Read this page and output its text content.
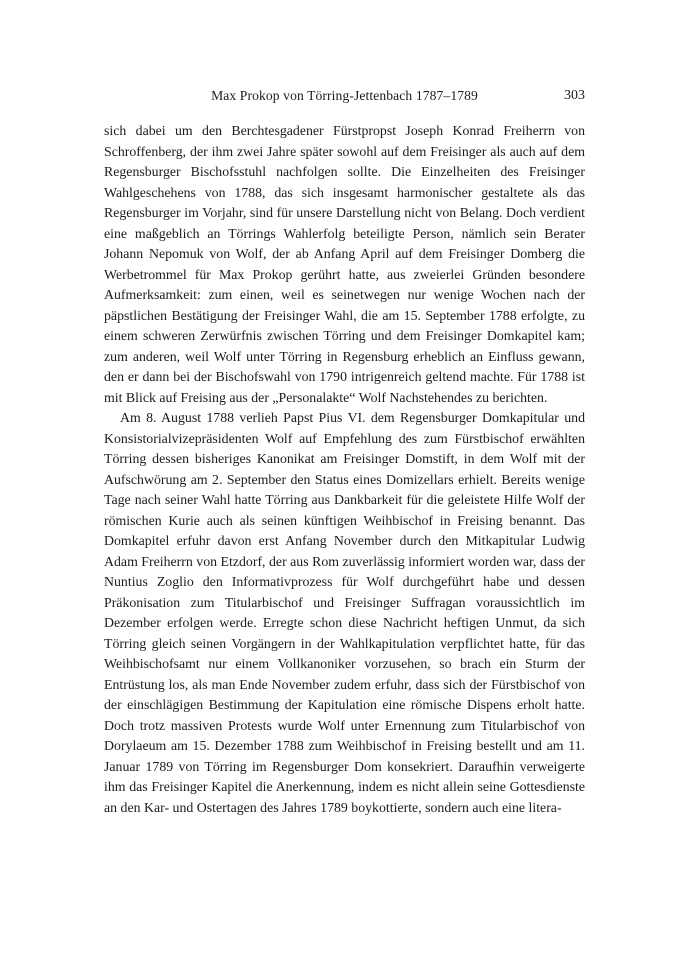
Max Prokop von Törring-Jettenbach 1787–1789	303

sich dabei um den Berchtesgadener Fürstpropst Joseph Konrad Freiherrn von Schroffenberg, der ihm zwei Jahre später sowohl auf dem Freisinger als auch auf dem Regensburger Bischofsstuhl nachfolgen sollte. Die Einzelheiten des Freisinger Wahlgeschehens von 1788, das sich insgesamt harmonischer gestaltete als das Regensburger im Vorjahr, sind für unsere Darstellung nicht von Belang. Doch verdient eine maßgeblich an Törrings Wahlerfolg beteiligte Person, nämlich sein Berater Johann Nepomuk von Wolf, der ab Anfang April auf dem Freisinger Domberg die Werbetrommel für Max Prokop gerührt hatte, aus zweierlei Gründen besondere Aufmerksamkeit: zum einen, weil es seinetwegen nur wenige Wochen nach der päpstlichen Bestätigung der Freisinger Wahl, die am 15. September 1788 erfolgte, zu einem schweren Zerwürfnis zwischen Törring und dem Freisinger Domkapitel kam; zum anderen, weil Wolf unter Törring in Regensburg erheblich an Einfluss gewann, den er dann bei der Bischofswahl von 1790 intrigenreich geltend machte. Für 1788 ist mit Blick auf Freising aus der „Personalakte“ Wolf Nachstehendes zu berichten.

Am 8. August 1788 verlieh Papst Pius VI. dem Regensburger Domkapitular und Konsistorialvizepräsidenten Wolf auf Empfehlung des zum Fürstbischof erwählten Törring dessen bisheriges Kanonikat am Freisinger Domstift, in dem Wolf mit der Aufschwörung am 2. September den Status eines Domizellars erhielt. Bereits wenige Tage nach seiner Wahl hatte Törring aus Dankbarkeit für die geleistete Hilfe Wolf der römischen Kurie auch als seinen künftigen Weihbischof in Freising benannt. Das Domkapitel erfuhr davon erst Anfang November durch den Mitkapitular Ludwig Adam Freiherrn von Etzdorf, der aus Rom zuverlässig informiert worden war, dass der Nuntius Zoglio den Informativprozess für Wolf durchgeführt habe und dessen Präkonisation zum Titularbischof und Freisinger Suffragan voraussichtlich im Dezember erfolgen werde. Erregte schon diese Nachricht heftigen Unmut, da sich Törring gleich seinen Vorgängern in der Wahlkapitulation verpflichtet hatte, für das Weihbischofsamt nur einem Vollkanoniker vorzusehen, so brach ein Sturm der Entrüstung los, als man Ende November zudem erfuhr, dass sich der Fürstbischof von der einschlägigen Bestimmung der Kapitulation eine römische Dispens erholt hatte. Doch trotz massiven Protests wurde Wolf unter Ernennung zum Titularbischof von Dorylaeum am 15. Dezember 1788 zum Weihbischof in Freising bestellt und am 11. Januar 1789 von Törring im Regensburger Dom konsekriert. Daraufhin verweigerte ihm das Freisinger Kapitel die Anerkennung, indem es nicht allein seine Gottesdienste an den Kar- und Ostertagen des Jahres 1789 boykottierte, sondern auch eine litera-
